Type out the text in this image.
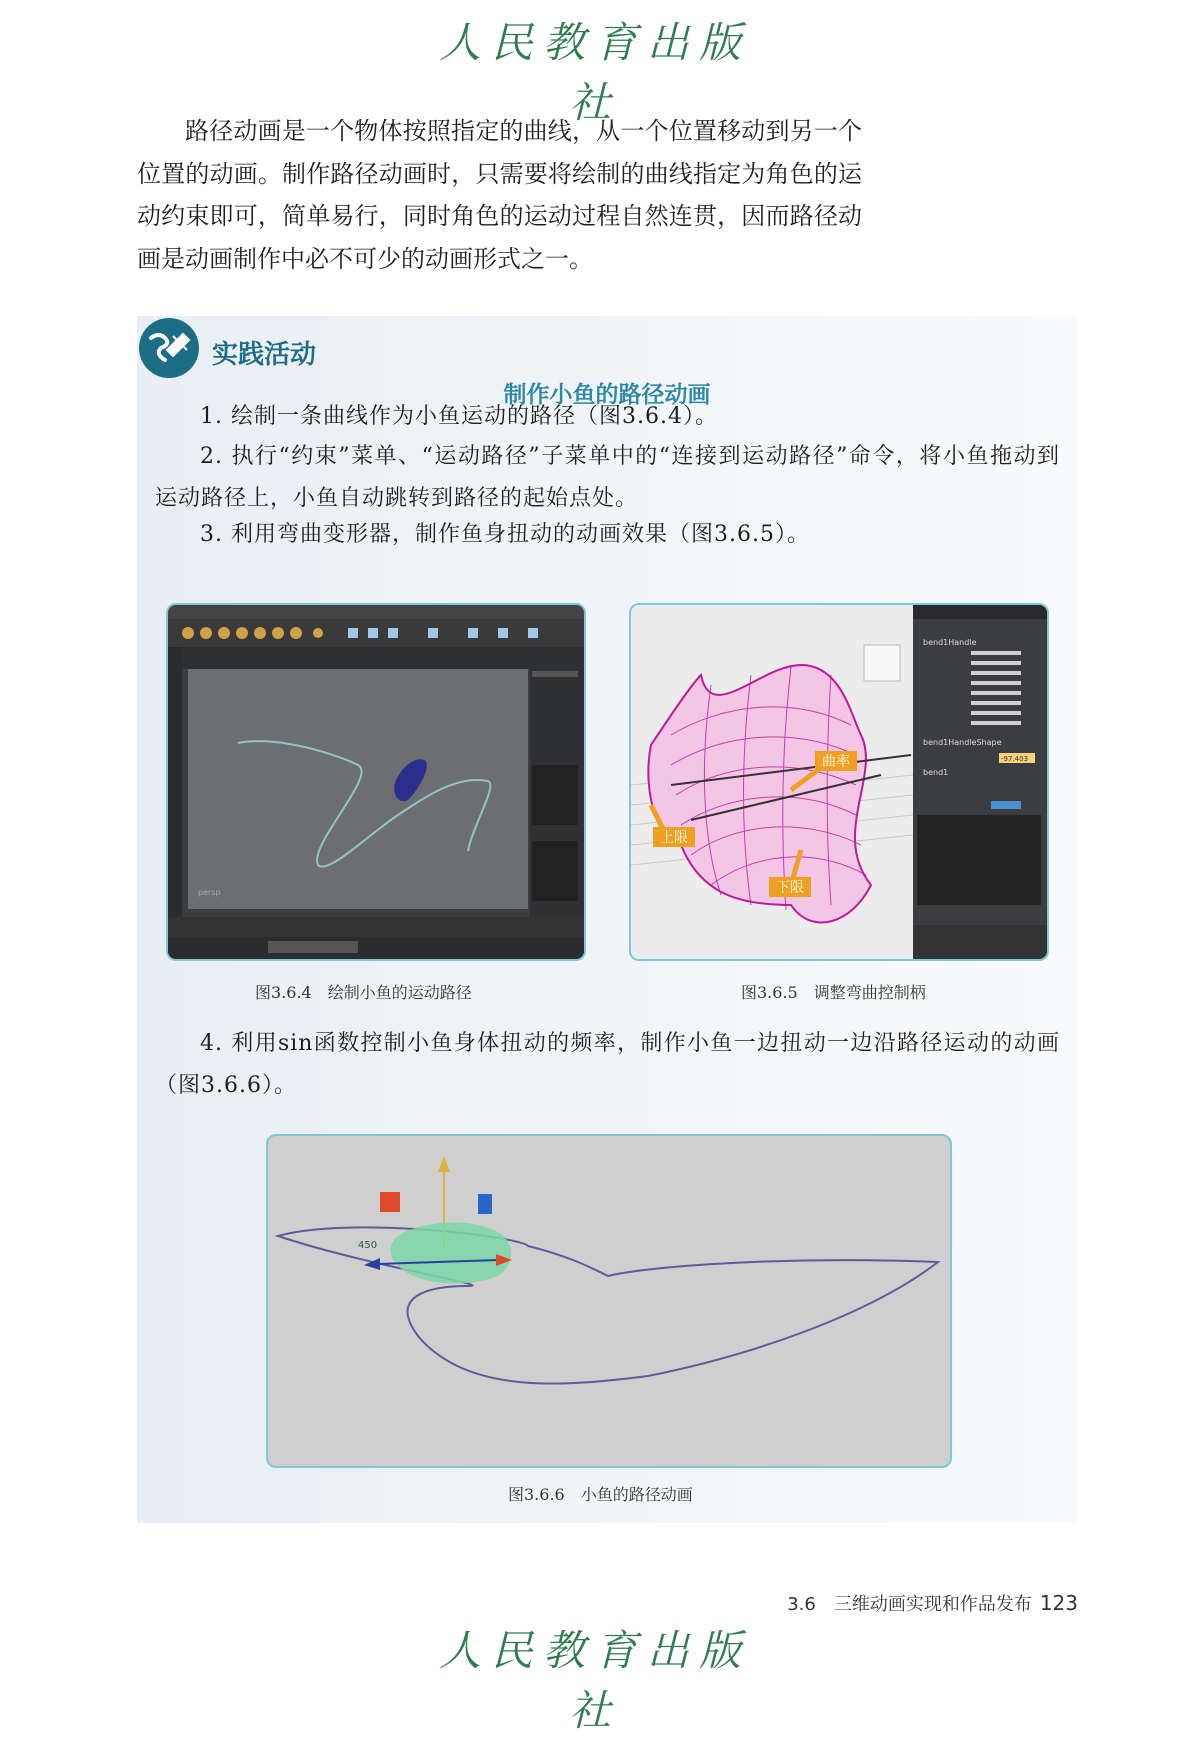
人民教育出版社

路径动画是一个物体按照指定的曲线，从一个位置移动到另一个位置的动画。制作路径动画时，只需要将绘制的曲线指定为角色的运动约束即可，简单易行，同时角色的运动过程自然连贯，因而路径动画是动画制作中必不可少的动画形式之一。

实践活动
制作小鱼的路径动画

1. 绘制一条曲线作为小鱼运动的路径（图3.6.4）。

2. 执行“约束”菜单、“运动路径”子菜单中的“连接到运动路径”命令，将小鱼拖动到运动路径上，小鱼自动跳转到路径的起始点处。

3. 利用弯曲变形器，制作鱼身扭动的动画效果（图3.6.5）。

persp
曲率
上限
下限
bend1Handle
bend1HandleShape
-97.403
bend1
图3.6.4　绘制小鱼的运动路径	图3.6.5　调整弯曲控制柄

4. 利用sin函数控制小鱼身体扭动的频率，制作小鱼一边扭动一边沿路径运动的动画（图3.6.6）。

450
图3.6.6　小鱼的路径动画
3.6　三维动画实现和作品发布 123
人民教育出版社
